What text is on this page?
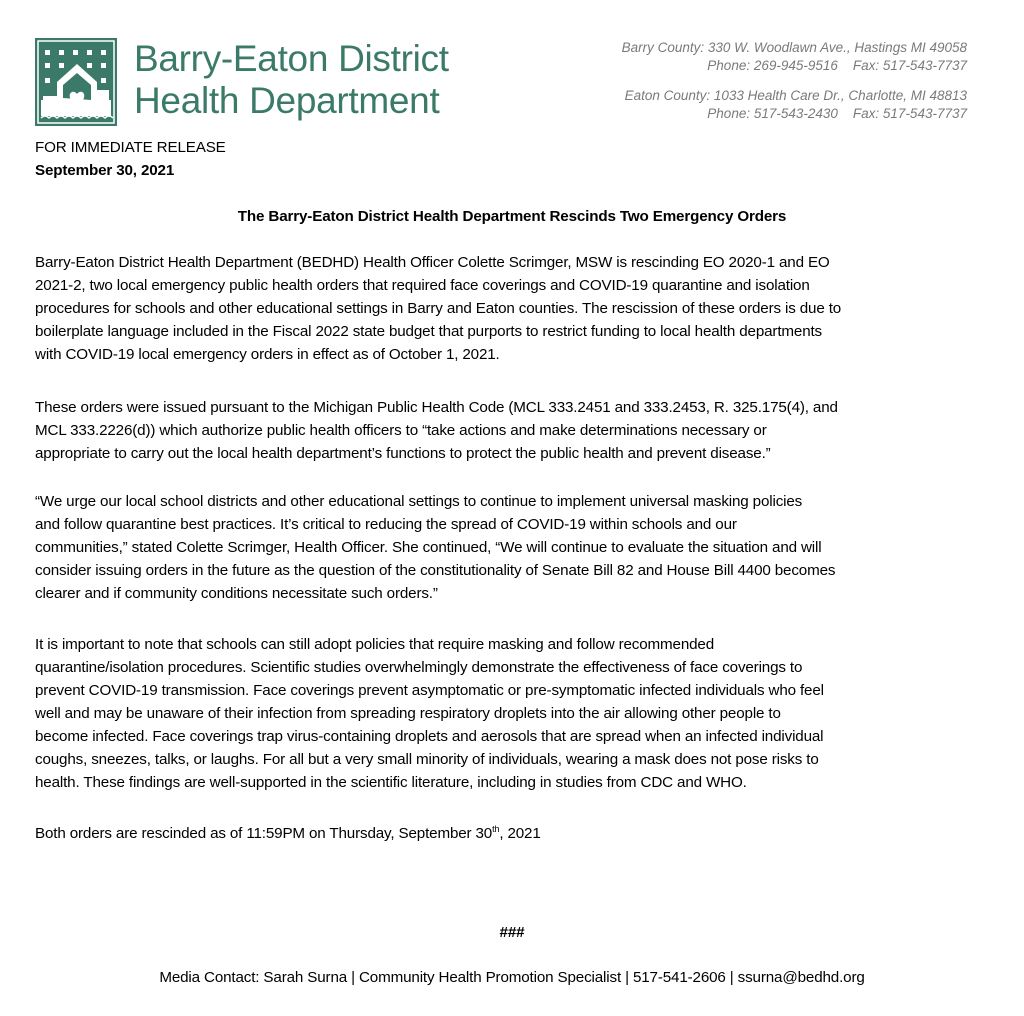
Barry-Eaton District
Health Department
Barry County: 330 W. Woodlawn Ave., Hastings MI 49058
Phone: 269-945-9516    Fax: 517-543-7737
Eaton County: 1033 Health Care Dr., Charlotte, MI 48813
Phone: 517-543-2430    Fax: 517-543-7737
FOR IMMEDIATE RELEASE
September 30, 2021
The Barry-Eaton District Health Department Rescinds Two Emergency Orders
Barry-Eaton District Health Department (BEDHD) Health Officer Colette Scrimger, MSW is rescinding EO 2020-1 and EO
2021-2, two local emergency public health orders that required face coverings and COVID-19 quarantine and isolation
procedures for schools and other educational settings in Barry and Eaton counties. The rescission of these orders is due to
boilerplate language included in the Fiscal 2022 state budget that purports to restrict funding to local health departments
with COVID-19 local emergency orders in effect as of October 1, 2021.
These orders were issued pursuant to the Michigan Public Health Code (MCL 333.2451 and 333.2453, R. 325.175(4), and
MCL 333.2226(d)) which authorize public health officers to “take actions and make determinations necessary or
appropriate to carry out the local health department’s functions to protect the public health and prevent disease.”
“We urge our local school districts and other educational settings to continue to implement universal masking policies
and follow quarantine best practices. It’s critical to reducing the spread of COVID-19 within schools and our
communities,” stated Colette Scrimger, Health Officer. She continued, “We will continue to evaluate the situation and will
consider issuing orders in the future as the question of the constitutionality of Senate Bill 82 and House Bill 4400 becomes
clearer and if community conditions necessitate such orders.”
It is important to note that schools can still adopt policies that require masking and follow recommended
quarantine/isolation procedures. Scientific studies overwhelmingly demonstrate the effectiveness of face coverings to
prevent COVID-19 transmission. Face coverings prevent asymptomatic or pre-symptomatic infected individuals who feel
well and may be unaware of their infection from spreading respiratory droplets into the air allowing other people to
become infected. Face coverings trap virus-containing droplets and aerosols that are spread when an infected individual
coughs, sneezes, talks, or laughs. For all but a very small minority of individuals, wearing a mask does not pose risks to
health. These findings are well-supported in the scientific literature, including in studies from CDC and WHO.
Both orders are rescinded as of 11:59PM on Thursday, September 30th, 2021
###
Media Contact: Sarah Surna | Community Health Promotion Specialist | 517-541-2606 | ssurna@bedhd.org
